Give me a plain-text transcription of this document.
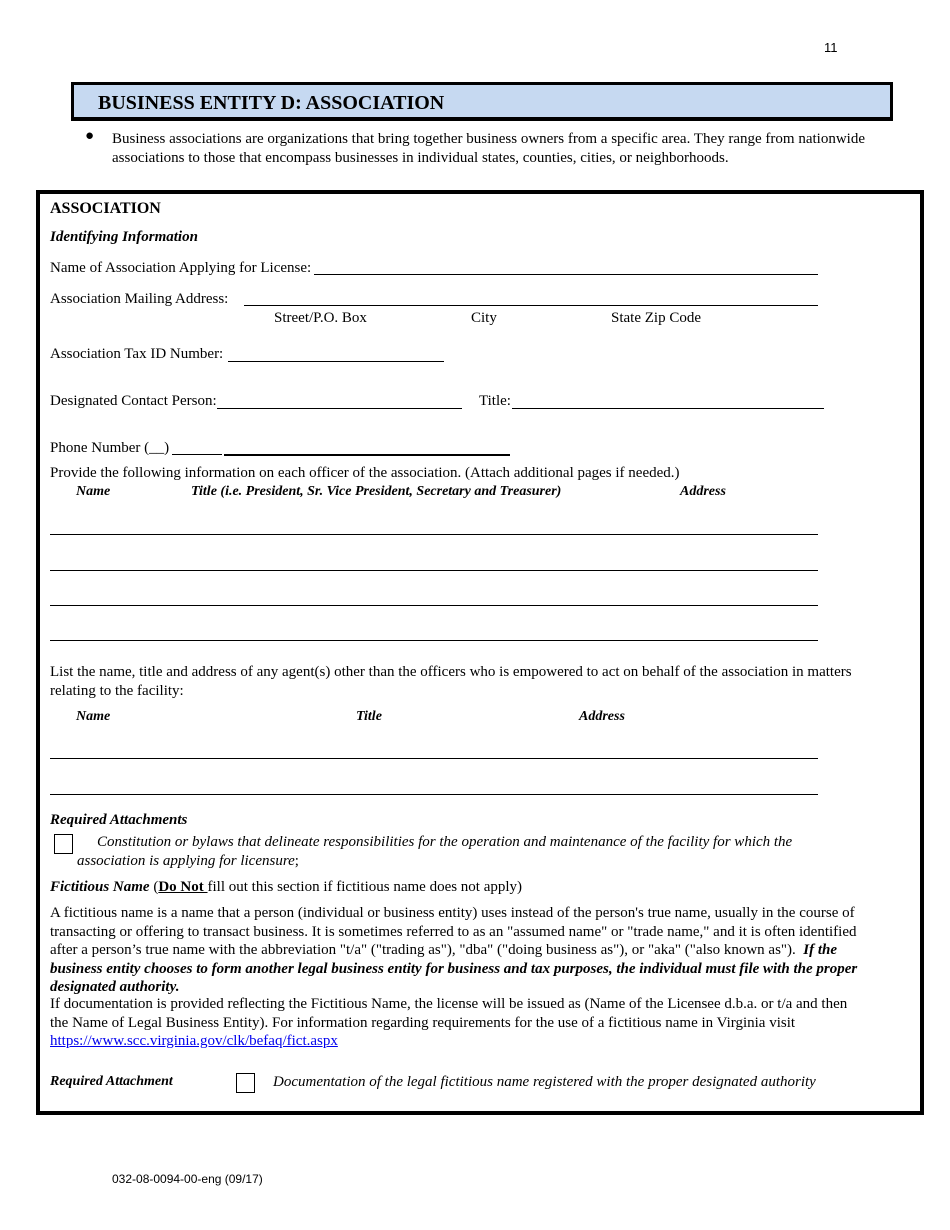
11
BUSINESS ENTITY D: ASSOCIATION
● Business associations are organizations that bring together business owners from a specific area. They range from nationwide associations to those that encompass businesses in individual states, counties, cities, or neighborhoods.
ASSOCIATION
Identifying Information
Name of Association Applying for License:
Association Mailing Address:
Street/P.O. Box	City	State Zip Code
Association Tax ID Number:
Designated Contact Person:	Title:
Phone Number (__)
Provide the following information on each officer of the association. (Attach additional pages if needed.)
Name	Title (i.e. President, Sr. Vice President, Secretary and Treasurer)	Address
List the name, title and address of any agent(s) other than the officers who is empowered to act on behalf of the association in matters relating to the facility:
Name	Title	Address
Required Attachments
Constitution or bylaws that delineate responsibilities for the operation and maintenance of the facility for which the association is applying for licensure;
Fictitious Name (Do Not fill out this section if fictitious name does not apply)
A fictitious name is a name that a person (individual or business entity) uses instead of the person's true name, usually in the course of transacting or offering to transact business. It is sometimes referred to as an "assumed name" or "trade name," and it is often identified after a person’s true name with the abbreviation "t/a" ("trading as"), "dba" ("doing business as"), or "aka" ("also known as"). If the business entity chooses to form another legal business entity for business and tax purposes, the individual must file with the proper designated authority.
If documentation is provided reflecting the Fictitious Name, the license will be issued as (Name of the Licensee d.b.a. or t/a and then the Name of Legal Business Entity). For information regarding requirements for the use of a fictitious name in Virginia visit https://www.scc.virginia.gov/clk/befaq/fict.aspx
Required Attachment	Documentation of the legal fictitious name registered with the proper designated authority
032-08-0094-00-eng (09/17)
